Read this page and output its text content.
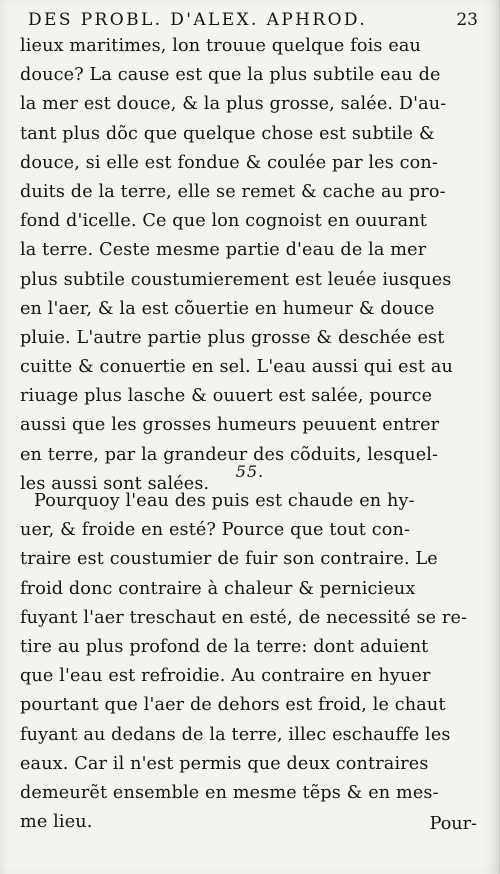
DES PROBL. D'ALEX. APHROD.	23
lieux maritimes, lon trouue quelque fois eau
douce? La cause est que la plus subtile eau de
la mer est douce, & la plus grosse, salée. D'au-
tant plus dõc que quelque chose est subtile &
douce, si elle est fondue & coulée par les con-
duits de la terre, elle se remet & cache au pro-
fond d'icelle. Ce que lon cognoist en ouurant
la terre. Ceste mesme partie d'eau de la mer
plus subtile coustumierement est leuée iusques
en l'aer, & la est cõuertie en humeur & douce
pluie. L'autre partie plus grosse & deschée est
cuitte & conuertie en sel. L'eau aussi qui est au
riuage plus lasche & ouuert est salée, pource
aussi que les grosses humeurs peuuent entrer
en terre, par la grandeur des cõduits, lesquel-
les aussi sont salées.
55.
Pourquoy l'eau des puis est chaude en hy-
uer, & froide en esté? Pource que tout con-
traire est coustumier de fuir son contraire. Le
froid donc contraire à chaleur & pernicieux
fuyant l'aer treschaut en esté, de necessité se re-
tire au plus profond de la terre: dont aduient
que l'eau est refroidie. Au contraire en hyuer
pourtant que l'aer de dehors est froid, le chaut
fuyant au dedans de la terre, illec eschauffe les
eaux. Car il n'est permis que deux contraires
demeurẽt ensemble en mesme tẽps & en mes-
me lieu.	Pour-
